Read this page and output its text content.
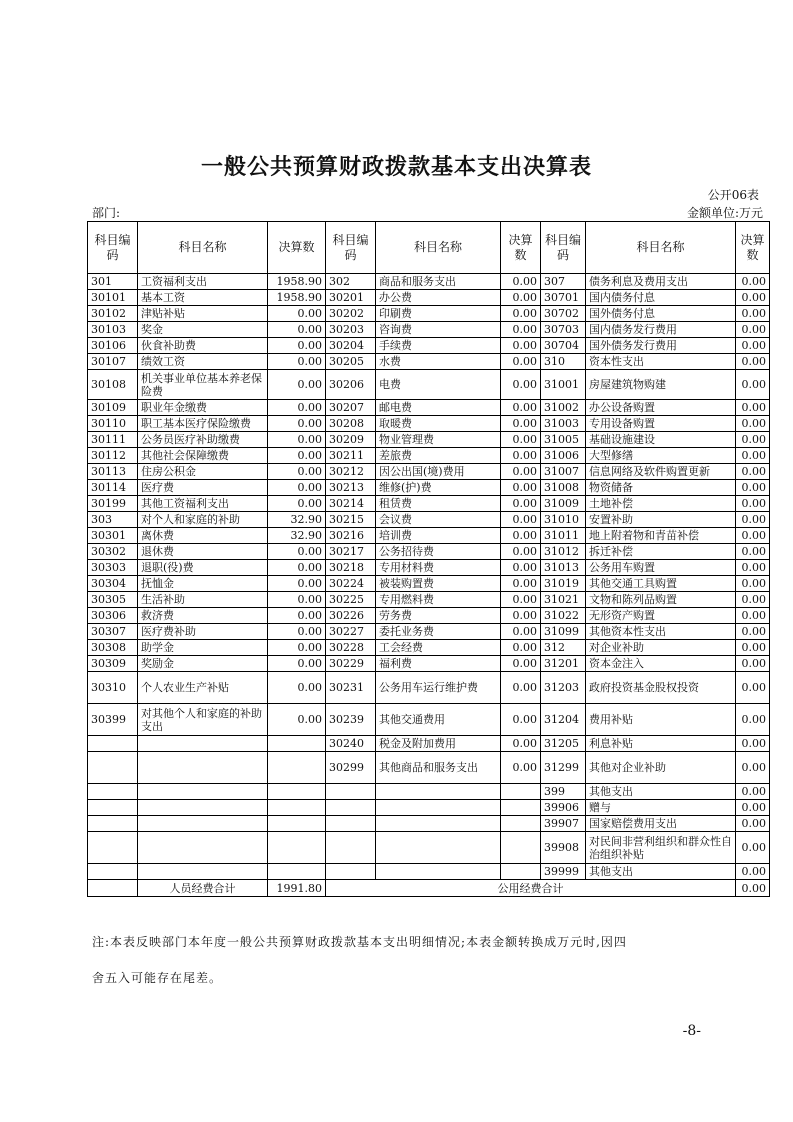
一般公共预算财政拨款基本支出决算表
公开06表
部门:	金额单位:万元
科目编码	科目名称	决算数	科目编码	科目名称	决算数	科目编码	科目名称	决算数
301	工资福利支出	1958.90	302	商品和服务支出	0.00	307	债务利息及费用支出	0.00
30101	基本工资	1958.90	30201	办公费	0.00	30701	国内债务付息	0.00
30102	津贴补贴	0.00	30202	印刷费	0.00	30702	国外债务付息	0.00
30103	奖金	0.00	30203	咨询费	0.00	30703	国内债务发行费用	0.00
30106	伙食补助费	0.00	30204	手续费	0.00	30704	国外债务发行费用	0.00
30107	绩效工资	0.00	30205	水费	0.00	310	资本性支出	0.00
30108	机关事业单位基本养老保险费	0.00	30206	电费	0.00	31001	房屋建筑物购建	0.00
30109	职业年金缴费	0.00	30207	邮电费	0.00	31002	办公设备购置	0.00
30110	职工基本医疗保险缴费	0.00	30208	取暖费	0.00	31003	专用设备购置	0.00
30111	公务员医疗补助缴费	0.00	30209	物业管理费	0.00	31005	基础设施建设	0.00
30112	其他社会保障缴费	0.00	30211	差旅费	0.00	31006	大型修缮	0.00
30113	住房公积金	0.00	30212	因公出国(境)费用	0.00	31007	信息网络及软件购置更新	0.00
30114	医疗费	0.00	30213	维修(护)费	0.00	31008	物资储备	0.00
30199	其他工资福利支出	0.00	30214	租赁费	0.00	31009	土地补偿	0.00
303	对个人和家庭的补助	32.90	30215	会议费	0.00	31010	安置补助	0.00
30301	离休费	32.90	30216	培训费	0.00	31011	地上附着物和青苗补偿	0.00
30302	退休费	0.00	30217	公务招待费	0.00	31012	拆迁补偿	0.00
30303	退职(役)费	0.00	30218	专用材料费	0.00	31013	公务用车购置	0.00
30304	抚恤金	0.00	30224	被装购置费	0.00	31019	其他交通工具购置	0.00
30305	生活补助	0.00	30225	专用燃料费	0.00	31021	文物和陈列品购置	0.00
30306	救济费	0.00	30226	劳务费	0.00	31022	无形资产购置	0.00
30307	医疗费补助	0.00	30227	委托业务费	0.00	31099	其他资本性支出	0.00
30308	助学金	0.00	30228	工会经费	0.00	312	对企业补助	0.00
30309	奖励金	0.00	30229	福利费	0.00	31201	资本金注入	0.00
30310	个人农业生产补贴	0.00	30231	公务用车运行维护费	0.00	31203	政府投资基金股权投资	0.00
30399	对其他个人和家庭的补助支出	0.00	30239	其他交通费用	0.00	31204	费用补贴	0.00
			30240	税金及附加费用	0.00	31205	利息补贴	0.00
			30299	其他商品和服务支出	0.00	31299	其他对企业补助	0.00
						399	其他支出	0.00
						39906	赠与	0.00
						39907	国家赔偿费用支出	0.00
						39908	对民间非营利组织和群众性自治组织补贴	0.00
						39999	其他支出	0.00
	人员经费合计	1991.80	公用经费合计					0.00
注:本表反映部门本年度一般公共预算财政拨款基本支出明细情况;本表金额转换成万元时,因四
舍五入可能存在尾差。
-8-
